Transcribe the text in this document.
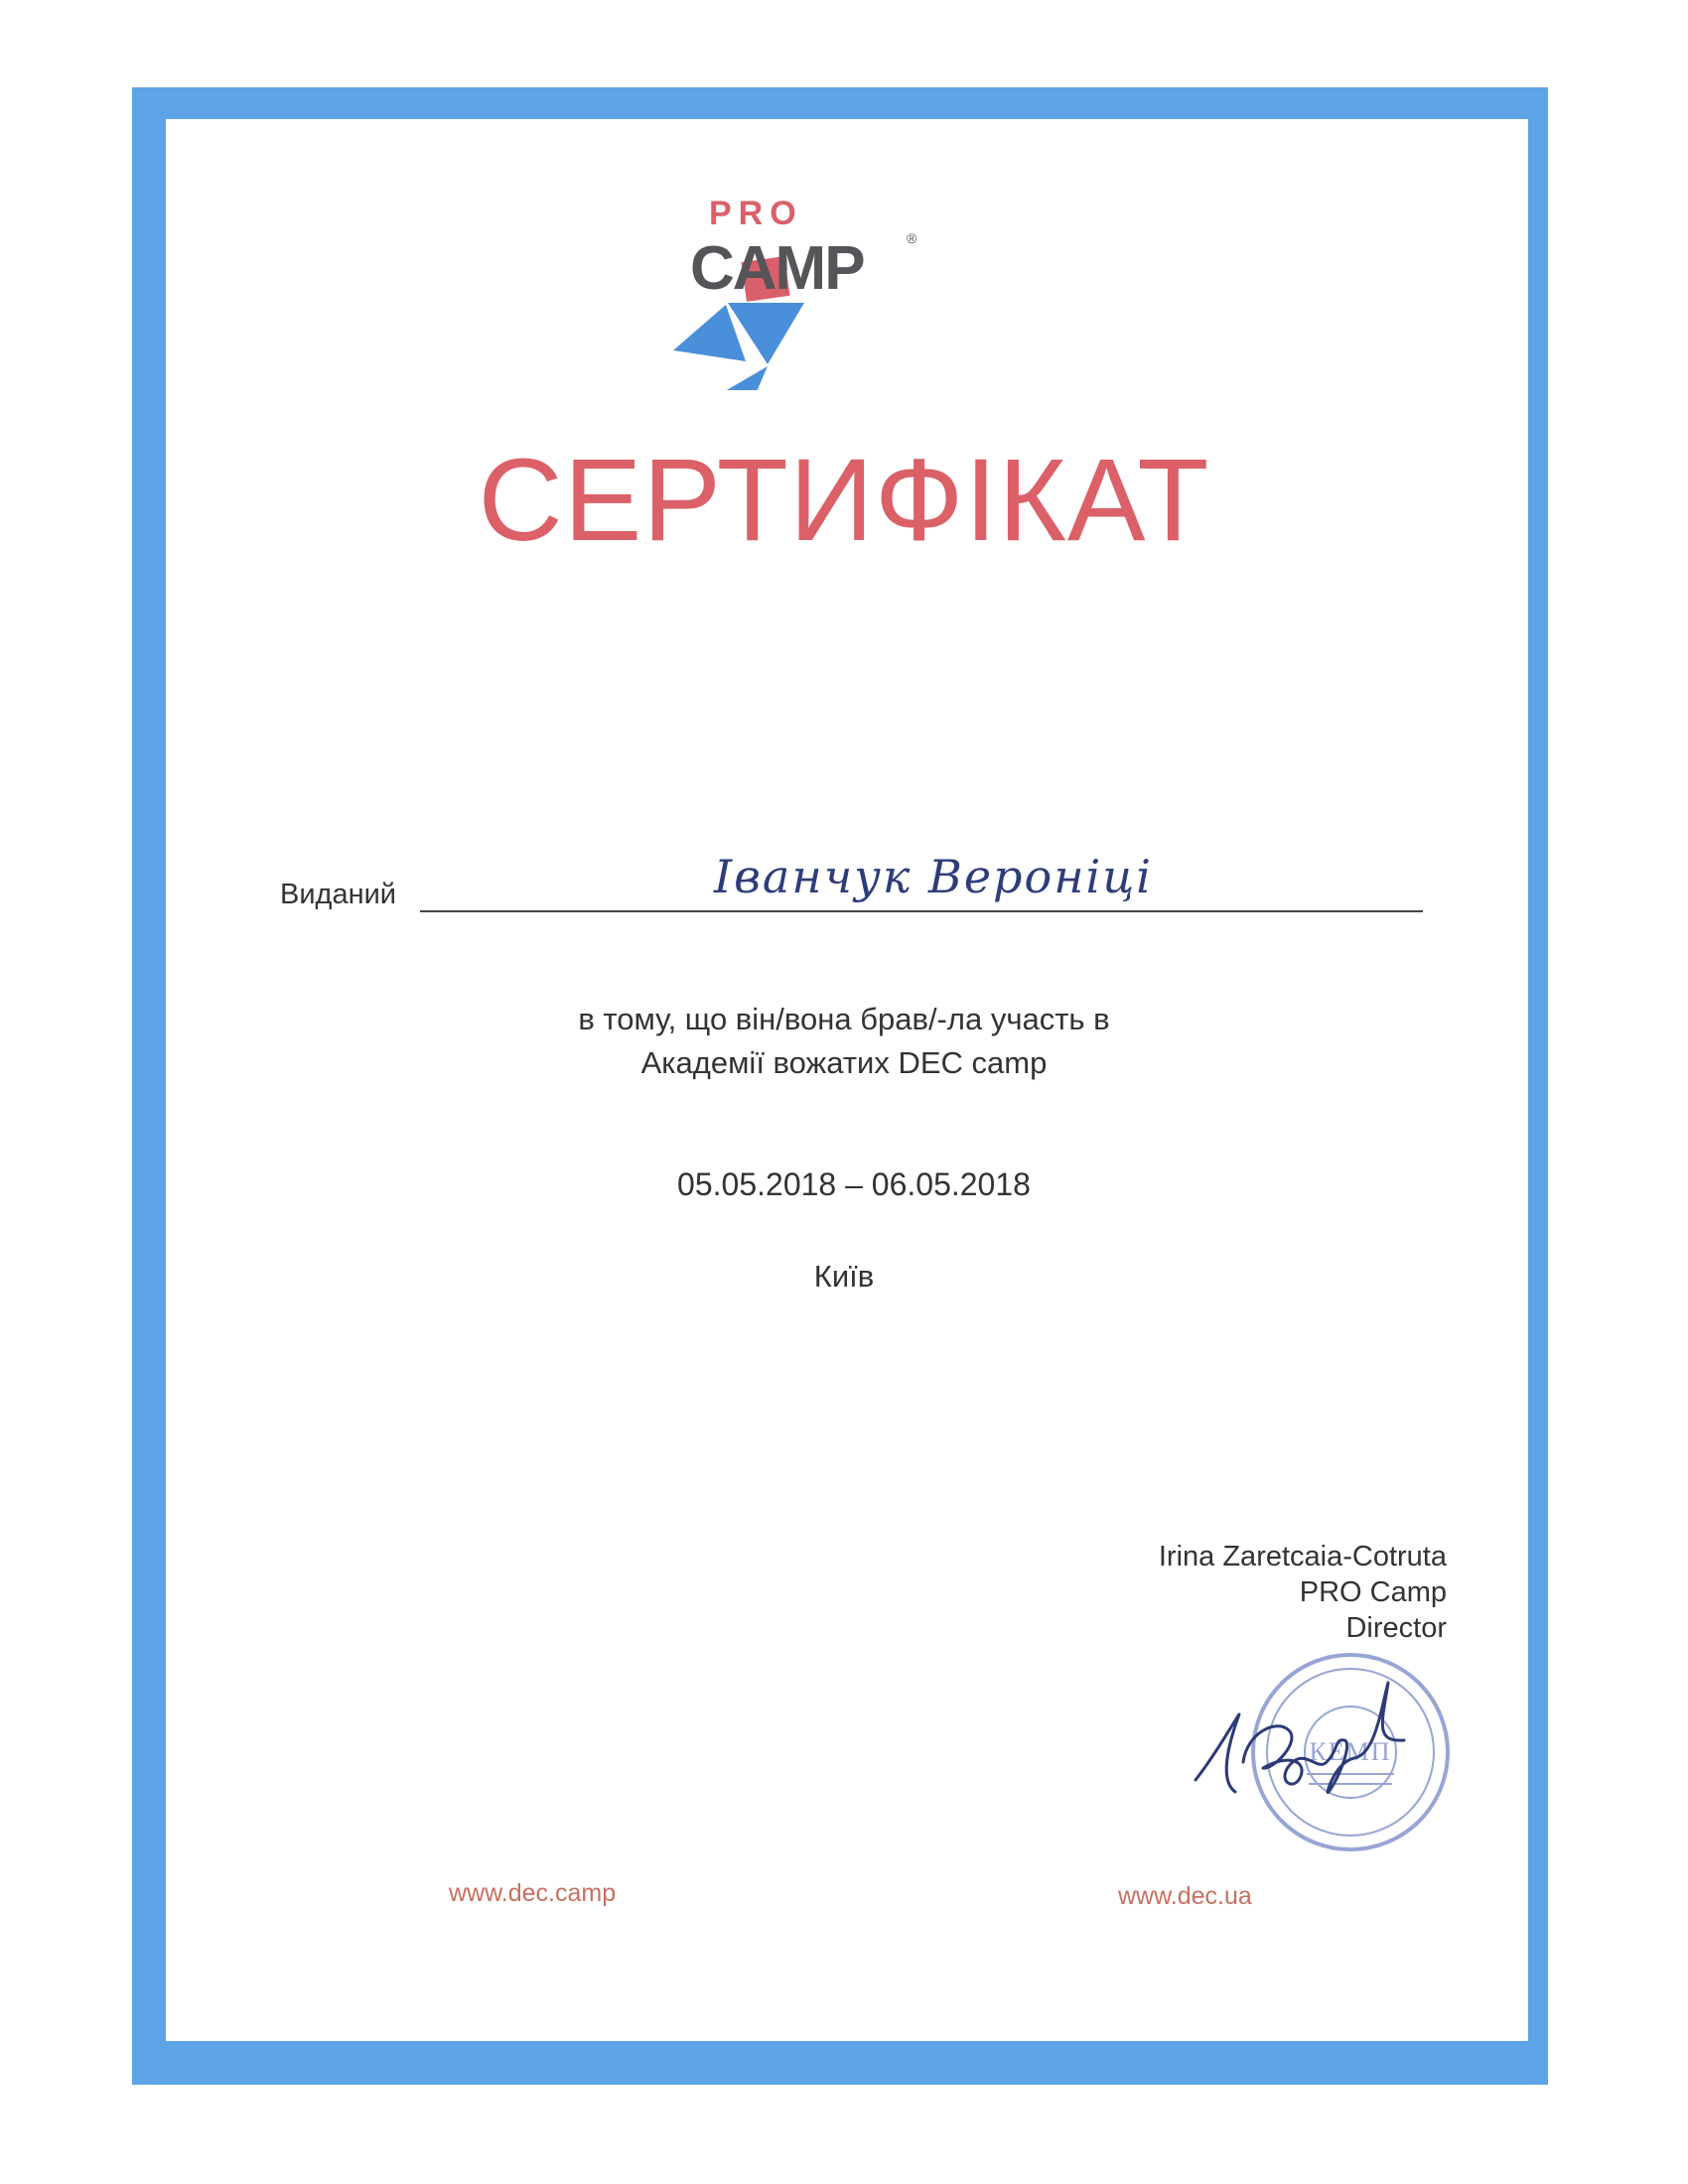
PRO
CAMP	®
СЕРТИФІКАТ
Виданий	Іванчук Вероніці
в тому, що він/вона брав/-ла участь в
Академії вожатих DEC camp
05.05.2018 – 06.05.2018
Київ
Irina Zaretcaia-Cotruta
PRO Camp
Director
КЕМП
www.dec.camp	www.dec.ua
